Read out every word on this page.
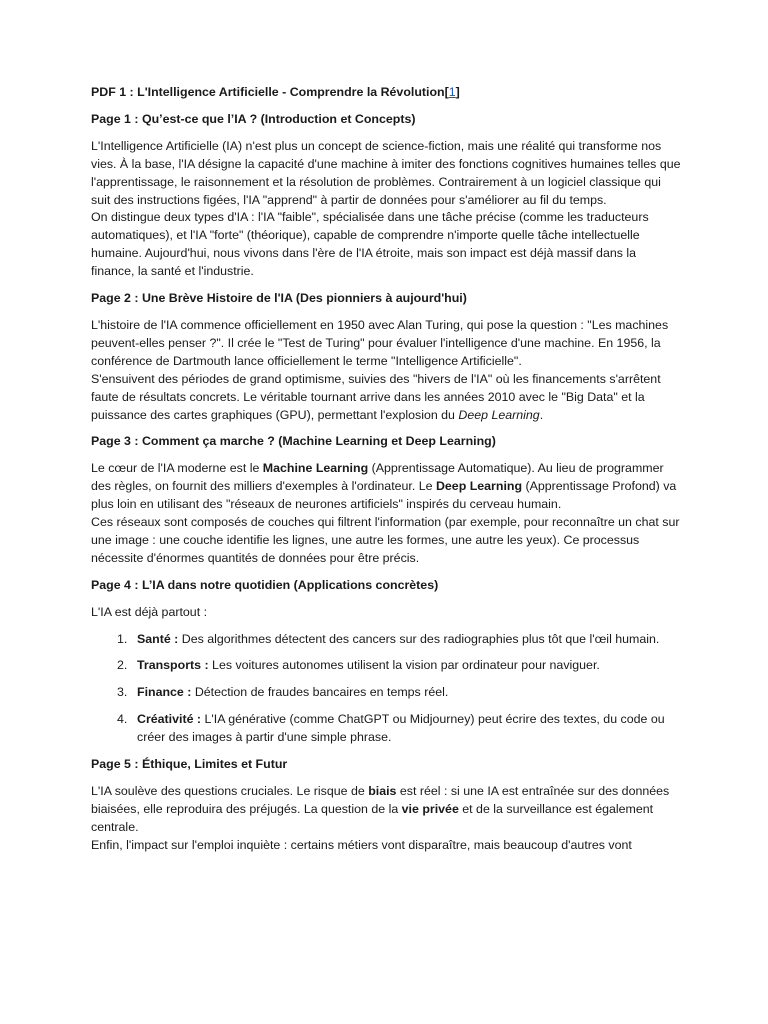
PDF 1 : L'Intelligence Artificielle - Comprendre la Révolution[1]

Page 1 : Qu’est-ce que l’IA ? (Introduction et Concepts)

L'Intelligence Artificielle (IA) n'est plus un concept de science-fiction, mais une réalité qui transforme nos vies. À la base, l'IA désigne la capacité d'une machine à imiter des fonctions cognitives humaines telles que l'apprentissage, le raisonnement et la résolution de problèmes. Contrairement à un logiciel classique qui suit des instructions figées, l'IA "apprend" à partir de données pour s'améliorer au fil du temps.

On distingue deux types d'IA : l'IA "faible", spécialisée dans une tâche précise (comme les traducteurs automatiques), et l'IA "forte" (théorique), capable de comprendre n'importe quelle tâche intellectuelle humaine. Aujourd'hui, nous vivons dans l'ère de l'IA étroite, mais son impact est déjà massif dans la finance, la santé et l'industrie.

Page 2 : Une Brève Histoire de l'IA (Des pionniers à aujourd'hui)

L'histoire de l'IA commence officiellement en 1950 avec Alan Turing, qui pose la question : "Les machines peuvent-elles penser ?". Il crée le "Test de Turing" pour évaluer l'intelligence d'une machine. En 1956, la conférence de Dartmouth lance officiellement le terme "Intelligence Artificielle".

S'ensuivent des périodes de grand optimisme, suivies des "hivers de l'IA" où les financements s'arrêtent faute de résultats concrets. Le véritable tournant arrive dans les années 2010 avec le "Big Data" et la puissance des cartes graphiques (GPU), permettant l'explosion du Deep Learning.

Page 3 : Comment ça marche ? (Machine Learning et Deep Learning)

Le cœur de l'IA moderne est le Machine Learning (Apprentissage Automatique). Au lieu de programmer des règles, on fournit des milliers d'exemples à l'ordinateur. Le Deep Learning (Apprentissage Profond) va plus loin en utilisant des "réseaux de neurones artificiels" inspirés du cerveau humain.

Ces réseaux sont composés de couches qui filtrent l'information (par exemple, pour reconnaître un chat sur une image : une couche identifie les lignes, une autre les formes, une autre les yeux). Ce processus nécessite d'énormes quantités de données pour être précis.

Page 4 : L’IA dans notre quotidien (Applications concrètes)

L'IA est déjà partout :

1. Santé : Des algorithmes détectent des cancers sur des radiographies plus tôt que l'œil humain.
2. Transports : Les voitures autonomes utilisent la vision par ordinateur pour naviguer.
3. Finance : Détection de fraudes bancaires en temps réel.
4. Créativité : L'IA générative (comme ChatGPT ou Midjourney) peut écrire des textes, du code ou créer des images à partir d'une simple phrase.

Page 5 : Éthique, Limites et Futur

L'IA soulève des questions cruciales. Le risque de biais est réel : si une IA est entraînée sur des données biaisées, elle reproduira des préjugés. La question de la vie privée et de la surveillance est également centrale.

Enfin, l'impact sur l'emploi inquiète : certains métiers vont disparaître, mais beaucoup d'autres vont
